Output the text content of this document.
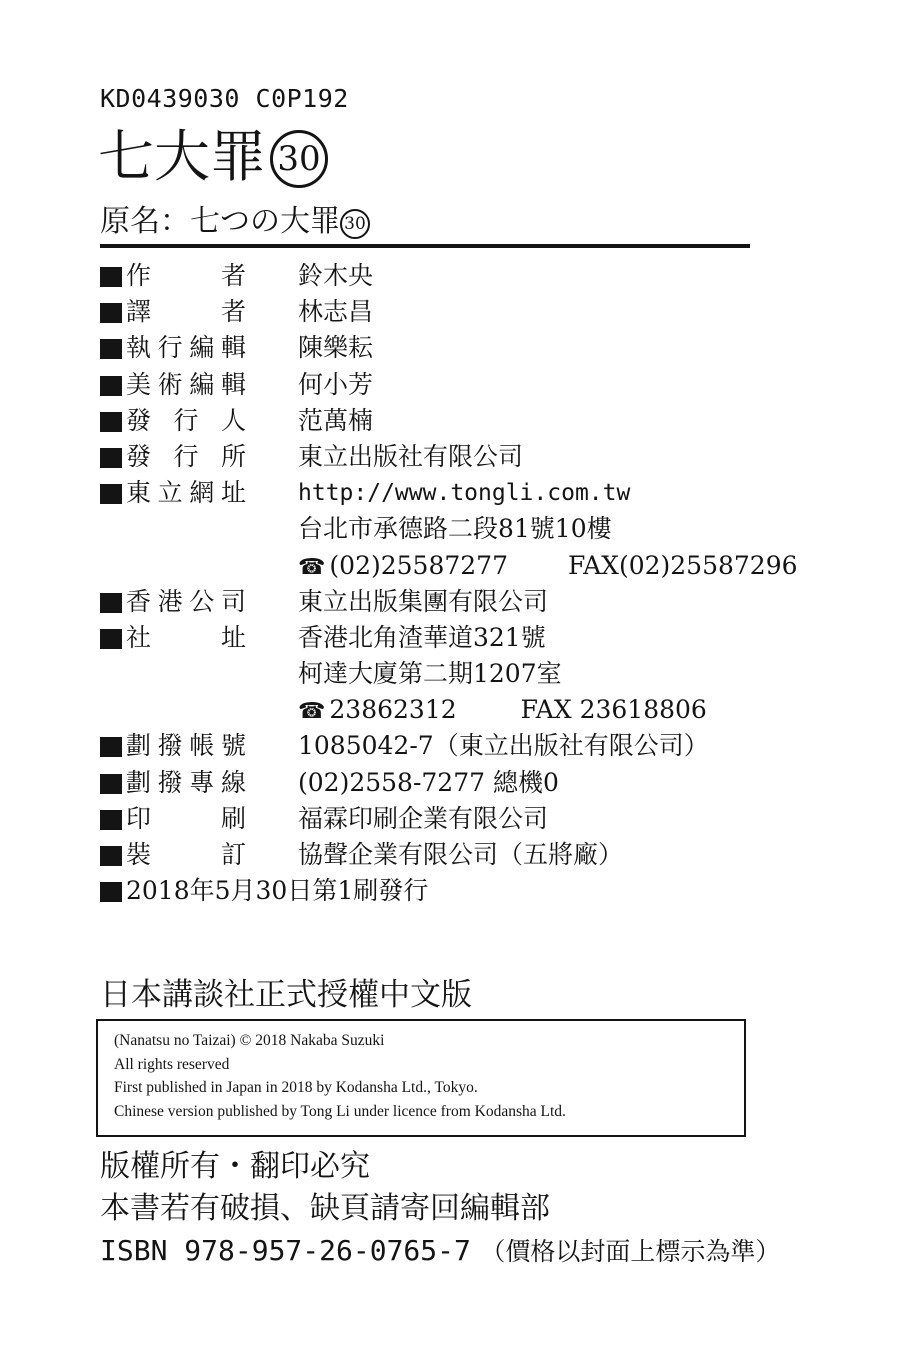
KD0439030 C0P192
七大罪 30
原名：七つの大罪 30
作	者 鈴木央
譯	者 林志昌
執 行 編 輯 陳樂耘
美 術 編 輯 何小芳
發 行 人 范萬楠
發 行 所 東立出版社有限公司
東 立 網 址 http://www.tongli.com.tw
台北市承德路二段81號10樓
☎ (02)25587277 FAX(02)25587296
香 港 公 司 東立出版集團有限公司
社	址 香港北角渣華道321號
柯達大廈第二期1207室
☎ 23862312	FAX 23618806
劃 撥 帳 號 1085042-7（東立出版社有限公司）
劃 撥 專 線 (02)2558-7277 總機0
印	刷 福霖印刷企業有限公司
裝	訂 協聲企業有限公司（五將廠）
2018年5月30日第1刷發行
日本講談社正式授權中文版
(Nanatsu no Taizai) © 2018 Nakaba Suzuki
All rights reserved
First published in Japan in 2018 by Kodansha Ltd., Tokyo.
Chinese version published by Tong Li under licence from Kodansha Ltd.
版權所有・翻印必究
本書若有破損、缺頁請寄回編輯部
ISBN 978-957-26-0765-7 （價格以封面上標示為準）
